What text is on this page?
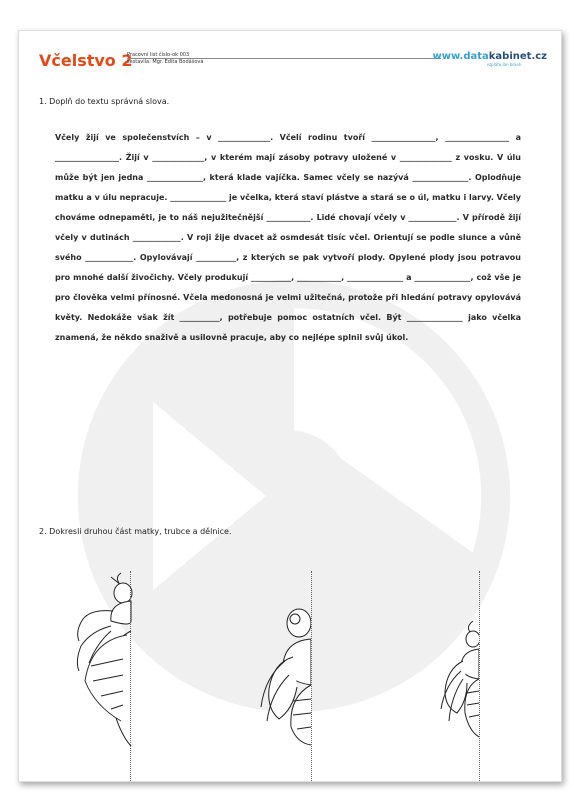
Včelstvo 2
Pracovní list číslo-ok 003
sestavila: Mgr. Edita Bodášová	www.datakabinet.cz
vzpláte lán brasé
1. Doplň do textu správná slova.

Včely žijí ve společenstvích – v _____________. Včelí rodinu tvoří ________________, ________________ a ________________. Žijí v _____________, v kterém mají zásoby potravy uložené v _____________ z vosku. V úlu může být jen jedna ______________, která klade vajíčka. Samec včely se nazývá ______________. Oplodňuje matku a v úlu nepracuje. ______________ je včelka, která staví plástve a stará se o úl, matku i larvy. Včely chováme odnepaměti, je to náš nejužitečnější ___________. Lidé chovají včely v ____________. V přírodě žijí včely v dutinách ____________. V roji žije dvacet až osmdesát tisíc včel. Orientují se podle slunce a vůně svého ____________. Opylovávají __________, z kterých se pak vytvoří plody. Opylené plody jsou potravou pro mnohé další živočichy. Včely produkují __________, ___________, ______________ a ______________, což vše je pro člověka velmi přínosné. Včela medonosná je velmi užitečná, protože při hledání potravy opylovává květy. Nedokáže však žít __________, potřebuje pomoc ostatních včel. Být ______________ jako včelka znamená, že někdo snaživě a usilovně pracuje, aby co nejlépe splnil svůj úkol.

2. Dokresli druhou část matky, trubce a dělnice.
